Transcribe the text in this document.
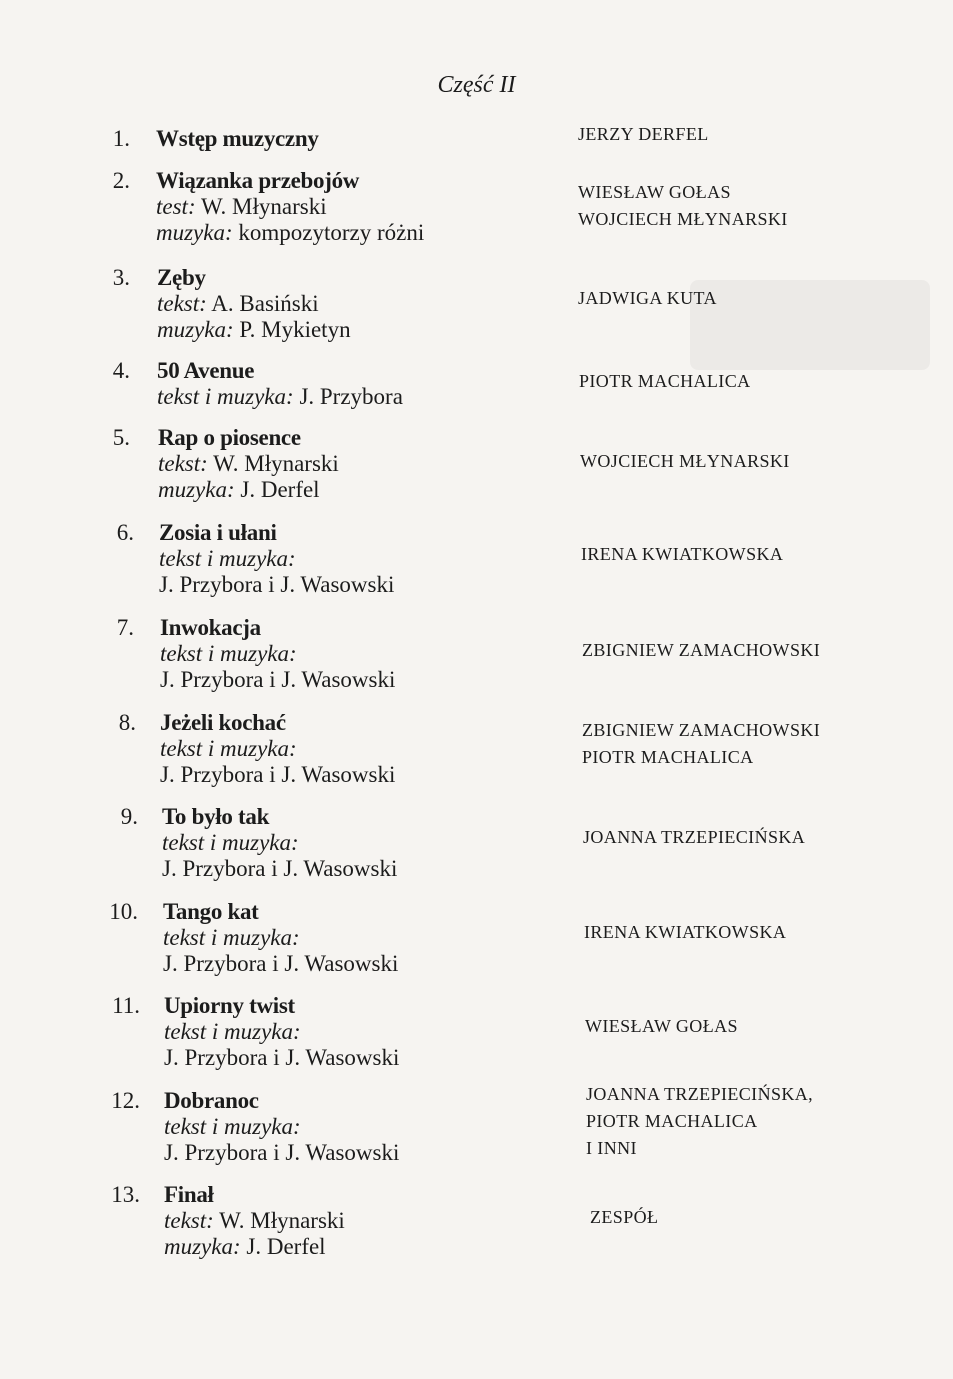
Część II
1. Wstęp muzyczny	JERZY DERFEL
2. Wiązanka przebojów
test: W. Młynarski
muzyka: kompozytorzy różni
WIESŁAW GOŁAS
WOJCIECH MŁYNARSKI
3. Zęby
tekst: A. Basiński
muzyka: P. Mykietyn
JADWIGA KUTA
4. 50 Avenue
tekst i muzyka: J. Przybora
PIOTR MACHALICA
5. Rap o piosence
tekst: W. Młynarski
muzyka: J. Derfel
WOJCIECH MŁYNARSKI
6. Zosia i ułani
tekst i muzyka:
J. Przybora i J. Wasowski
IRENA KWIATKOWSKA
7. Inwokacja
tekst i muzyka:
J. Przybora i J. Wasowski
ZBIGNIEW ZAMACHOWSKI
8. Jeżeli kochać
tekst i muzyka:
J. Przybora i J. Wasowski
ZBIGNIEW ZAMACHOWSKI
PIOTR MACHALICA
9. To było tak
tekst i muzyka:
J. Przybora i J. Wasowski
JOANNA TRZEPIECIŃSKA
10. Tango kat
tekst i muzyka:
J. Przybora i J. Wasowski
IRENA KWIATKOWSKA
11. Upiorny twist
tekst i muzyka:
J. Przybora i J. Wasowski
WIESŁAW GOŁAS
12. Dobranoc
tekst i muzyka:
J. Przybora i J. Wasowski
JOANNA TRZEPIECIŃSKA,
PIOTR MACHALICA
I INNI
13. Finał
tekst: W. Młynarski
muzyka: J. Derfel
ZESPÓŁ
